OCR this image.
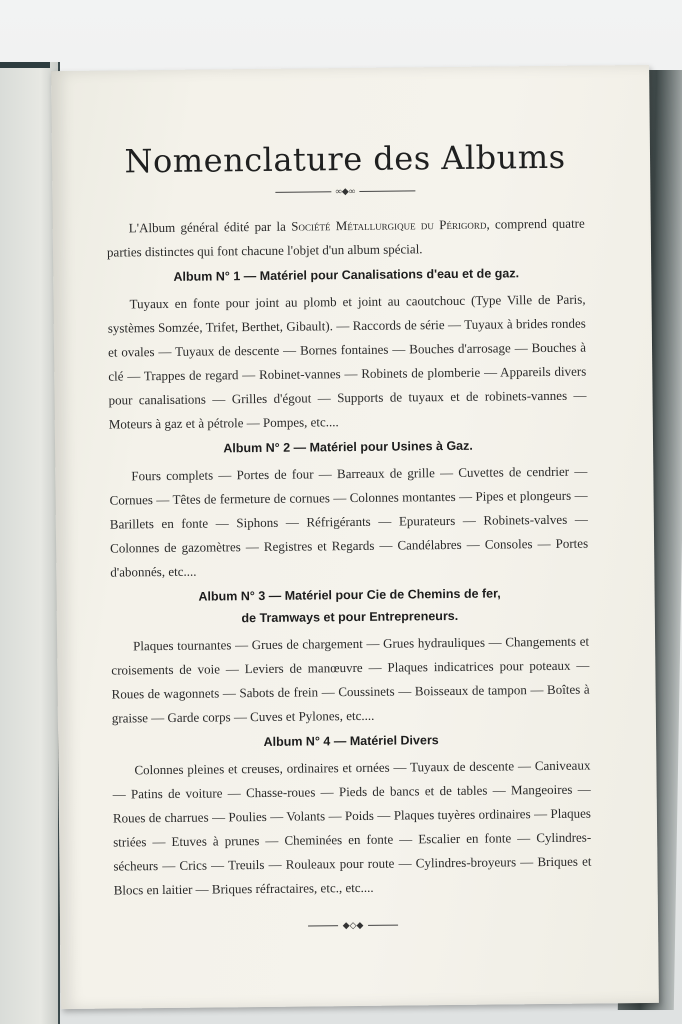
Nomenclature des Albums
∞◆∞

L'Album général édité par la Société Métallurgique du Périgord, comprend quatre parties distinctes qui font chacune l'objet d'un album spécial.

Album N° 1 — Matériel pour Canalisations d'eau et de gaz.

Tuyaux en fonte pour joint au plomb et joint au caoutchouc (Type Ville de Paris, systèmes Somzée, Trifet, Berthet, Gibault). — Raccords de série — Tuyaux à brides rondes et ovales — Tuyaux de descente — Bornes fontaines — Bouches d'arrosage — Bouches à clé — Trappes de regard — Robinet-vannes — Robinets de plomberie — Appareils divers pour canalisations — Grilles d'égout — Supports de tuyaux et de robinets-vannes — Moteurs à gaz et à pétrole — Pompes, etc....

Album N° 2 — Matériel pour Usines à Gaz.

Fours complets — Portes de four — Barreaux de grille — Cuvettes de cendrier — Cornues — Têtes de fermeture de cornues — Colonnes montantes — Pipes et plongeurs — Barillets en fonte — Siphons — Réfrigérants — Epurateurs — Robinets-valves — Colonnes de gazomètres — Registres et Regards — Candélabres — Consoles — Portes d'abonnés, etc....

Album N° 3 — Matériel pour Cie de Chemins de fer,
de Tramways et pour Entrepreneurs.

Plaques tournantes — Grues de chargement — Grues hydrauliques — Changements et croisements de voie — Leviers de manœuvre — Plaques indicatrices pour poteaux — Roues de wagonnets — Sabots de frein — Coussinets — Boisseaux de tampon — Boîtes à graisse — Garde corps — Cuves et Pylones, etc....

Album N° 4 — Matériel Divers

Colonnes pleines et creuses, ordinaires et ornées — Tuyaux de descente — Caniveaux — Patins de voiture — Chasse-roues — Pieds de bancs et de tables — Mangeoires — Roues de charrues — Poulies — Volants — Poids — Plaques tuyères ordinaires — Plaques striées — Etuves à prunes — Cheminées en fonte — Escalier en fonte — Cylindres-sécheurs — Crics — Treuils — Rouleaux pour route — Cylindres-broyeurs — Briques et Blocs en laitier — Briques réfractaires, etc., etc....

◆◇◆
